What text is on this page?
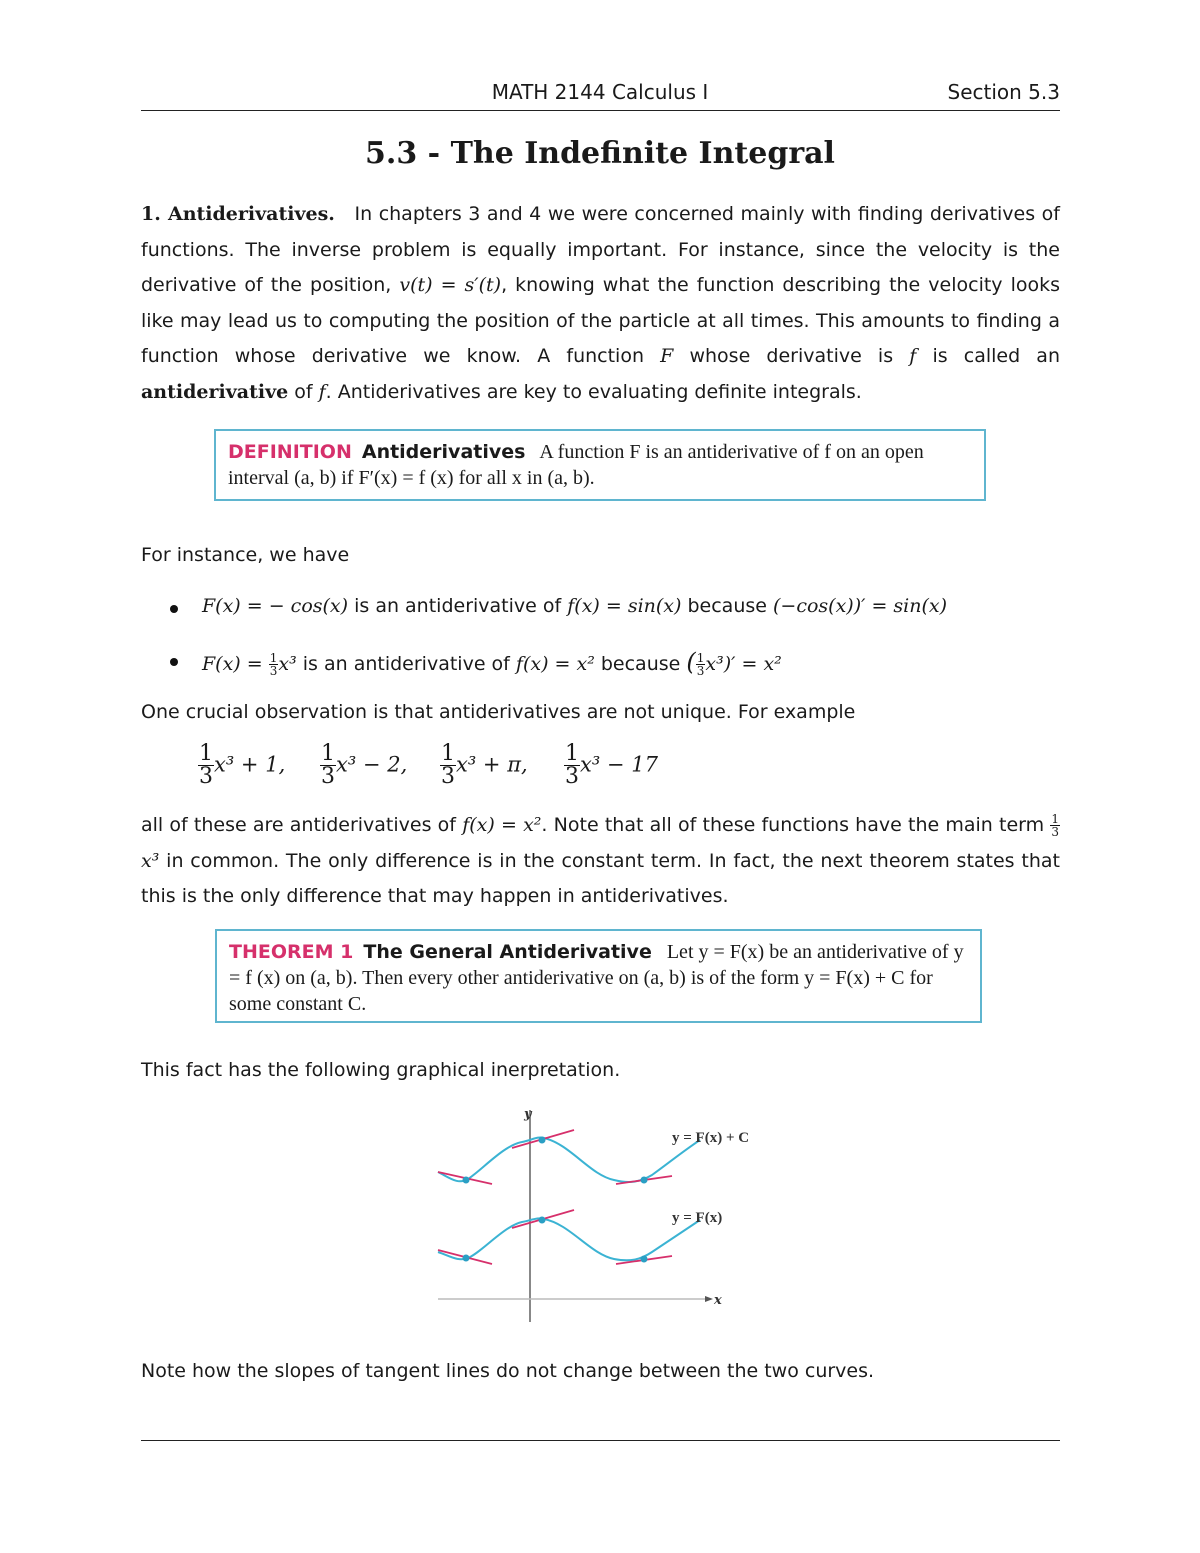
MATH 2144 Calculus I	Section 5.3
5.3 - The Indefinite Integral

1. Antiderivatives. In chapters 3 and 4 we were concerned mainly with finding derivatives of functions. The inverse problem is equally important. For instance, since the velocity is the derivative of the position, v(t) = s′(t), knowing what the function describing the velocity looks like may lead us to computing the position of the particle at all times. This amounts to finding a function whose derivative we know. A function F whose derivative is f is called an antiderivative of f. Antiderivatives are key to evaluating definite integrals.

DEFINITION Antiderivatives A function F is an antiderivative of f on an open interval (a, b) if F′(x) = f (x) for all x in (a, b).
For instance, we have
F(x) = − cos(x) is an antiderivative of f(x) = sin(x) because (−cos(x))′ = sin(x)
$F(x) = \frac{1}{3} x^3$ is an antiderivative of f(x) = x² because ( $\frac{1}{3} x^3)' = x^2$
One crucial observation is that antiderivatives are not unique. For example
$\frac{1}{3} x^3 + 1$, $\frac{1}{3} x^3 - 2$, $\frac{1}{3} x^3 + \pi$, $\frac{1}{3} x^3 - 17$

all of these are antiderivatives of f(x) = x². Note that all of these functions have the main term $\frac{1}{3}$
x³ in common. The only difference is in the constant term. In fact, the next theorem states that this is the only difference that may happen in antiderivatives.

THEOREM 1 The General Antiderivative Let y = F(x) be an antiderivative of y = f (x) on (a, b). Then every other antiderivative on (a, b) is of the form y = F(x) + C for some constant C.
This fact has the following graphical inerpretation.
y
x
y = F(x) + C
y = F(x)
Note how the slopes of tangent lines do not change between the two curves.
